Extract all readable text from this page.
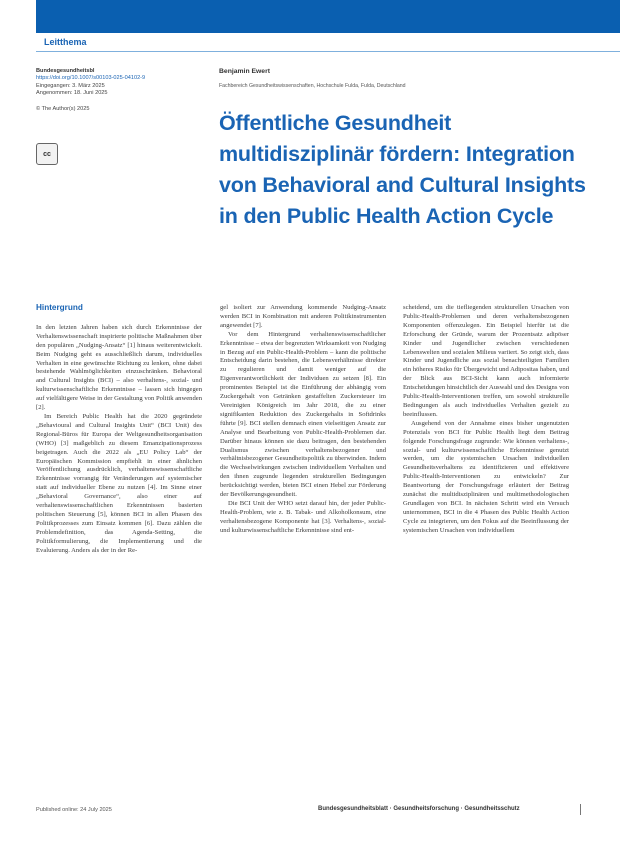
Leitthema
Bundesgesundheitsbl
https://doi.org/10.1007/s00103-025-04102-9
Eingegangen: 3. März 2025
Angenommen: 18. Juni 2025
© The Author(s) 2025
cc
Benjamin Ewert
Fachbereich Gesundheitswissenschaften, Hochschule Fulda, Fulda, Deutschland
Öffentliche Gesundheit multidisziplinär fördern: Integration von Behavioral and Cultural Insights in den Public Health Action Cycle
Hintergrund

In den letzten Jahren haben sich durch Erkenntnisse der Verhaltenswissenschaft inspirierte politische Maßnahmen über den populären „Nudging-Ansatz“ [1] hinaus weiterentwickelt. Beim Nudging geht es ausschließlich darum, individuelles Verhalten in eine gewünschte Richtung zu lenken, ohne dabei bestehende Wahlmöglichkeiten einzuschränken. Behavioral and Cultural Insights (BCI) – also verhaltens-, sozial- und kulturwissenschaftliche Erkenntnisse – lassen sich hingegen auf vielfältigere Weise in der Gestaltung von Politik anwenden [2].

Im Bereich Public Health hat die 2020 gegründete „Behavioural and Cultural Insights Unit“ (BCI Unit) des Regional-Büros für Europa der Weltgesundheitsorganisation (WHO) [3] maßgeblich zu diesem Emanzipationsprozess beigetragen. Auch die 2022 als „EU Policy Lab“ der Europäischen Kommission empfiehlt in einer ähnlichen Veröffentlichung ausdrücklich, verhaltenswissenschaftliche Erkenntnisse vorrangig für Veränderungen auf systemischer statt auf individueller Ebene zu nutzen [4]. Im Sinne einer „Behavioral Governance“, also einer auf verhaltenswissenschaftlichen Erkenntnissen basierten politischen Steuerung [5], können BCI in allen Phasen des Politikprozesses zum Einsatz kommen [6]. Dazu zählen die Problemdefinition, das Agenda-Setting, die Politikformulierung, die Implementierung und die Evaluierung. Anders als der in der Re-

gel isoliert zur Anwendung kommende Nudging-Ansatz werden BCI in Kombination mit anderen Politikinstrumenten angewendet [7].

Vor dem Hintergrund verhaltenswissenschaftlicher Erkenntnisse – etwa der begrenzten Wirksamkeit von Nudging in Bezug auf ein Public-Health-Problem – kann die politische Entscheidung darin bestehen, die Lebensverhältnisse direkter zu regulieren und damit weniger auf die Eigenverantwortlichkeit der Individuen zu setzen [8]. Ein prominentes Beispiel ist die Einführung der abhängig vom Zuckergehalt von Getränken gestaffelten Zuckersteuer im Vereinigten Königreich im Jahr 2018, die zu einer signifikanten Reduktion des Zuckergehalts in Softdrinks führte [9]. BCI stellen demnach einen vielseitigen Ansatz zur Analyse und Bearbeitung von Public-Health-Problemen dar. Darüber hinaus können sie dazu beitragen, den bestehenden Dualismus zwischen verhaltensbezogener und verhältnisbezogener Gesundheitspolitik zu überwinden. Indem die Wechselwirkungen zwischen individuellem Verhalten und den ihnen zugrunde liegenden strukturellen Bedingungen berücksichtigt werden, bieten BCI einen Hebel zur Förderung der Bevölkerungsgesundheit.

Die BCI Unit der WHO setzt darauf hin, der jeder Public-Health-Problem, wie z. B. Tabak- und Alkoholkonsum, eine verhaltensbezogene Komponente hat [3]. Verhaltens-, sozial- und kulturwissenschaftliche Erkenntnisse sind ent-

scheidend, um die tiefliegenden strukturellen Ursachen von Public-Health-Problemen und deren verhaltensbezogenen Komponenten offenzulegen. Ein Beispiel hierfür ist die Erforschung der Gründe, warum der Prozentsatz adipöser Kinder und Jugendlicher zwischen verschiedenen Lebenswelten und sozialen Milieus variiert. So zeigt sich, dass Kinder und Jugendliche aus sozial benachteiligten Familien ein höheres Risiko für Übergewicht und Adipositas haben, und der Blick aus BCI-Sicht kann auch informierte Entscheidungen hinsichtlich der Auswahl und des Designs von Public-Health-Interventionen treffen, um sowohl strukturelle Bedingungen als auch individuelles Verhalten gezielt zu beeinflussen.

Ausgehend von der Annahme eines bisher ungenutzten Potenzials von BCI für Public Health liegt dem Beitrag folgende Forschungsfrage zugrunde: Wie können verhaltens-, sozial- und kulturwissenschaftliche Erkenntnisse genutzt werden, um die systemischen Ursachen individuellen Gesundheitsverhaltens zu identifizieren und effektivere Public-Health-Interventionen zu entwickeln? Zur Beantwortung der Forschungsfrage erläutert der Beitrag zunächst die multidisziplinären und multimethodologischen Grundlagen von BCI. In nächsten Schritt wird ein Versuch unternommen, BCI in die 4 Phasen des Public Health Action Cycle zu integrieren, um den Fokus auf die Beeinflussung der systemischen Ursachen von individuellem

Published online: 24 July 2025	Bundesgesundheitsblatt · Gesundheitsforschung · Gesundheitsschutz
